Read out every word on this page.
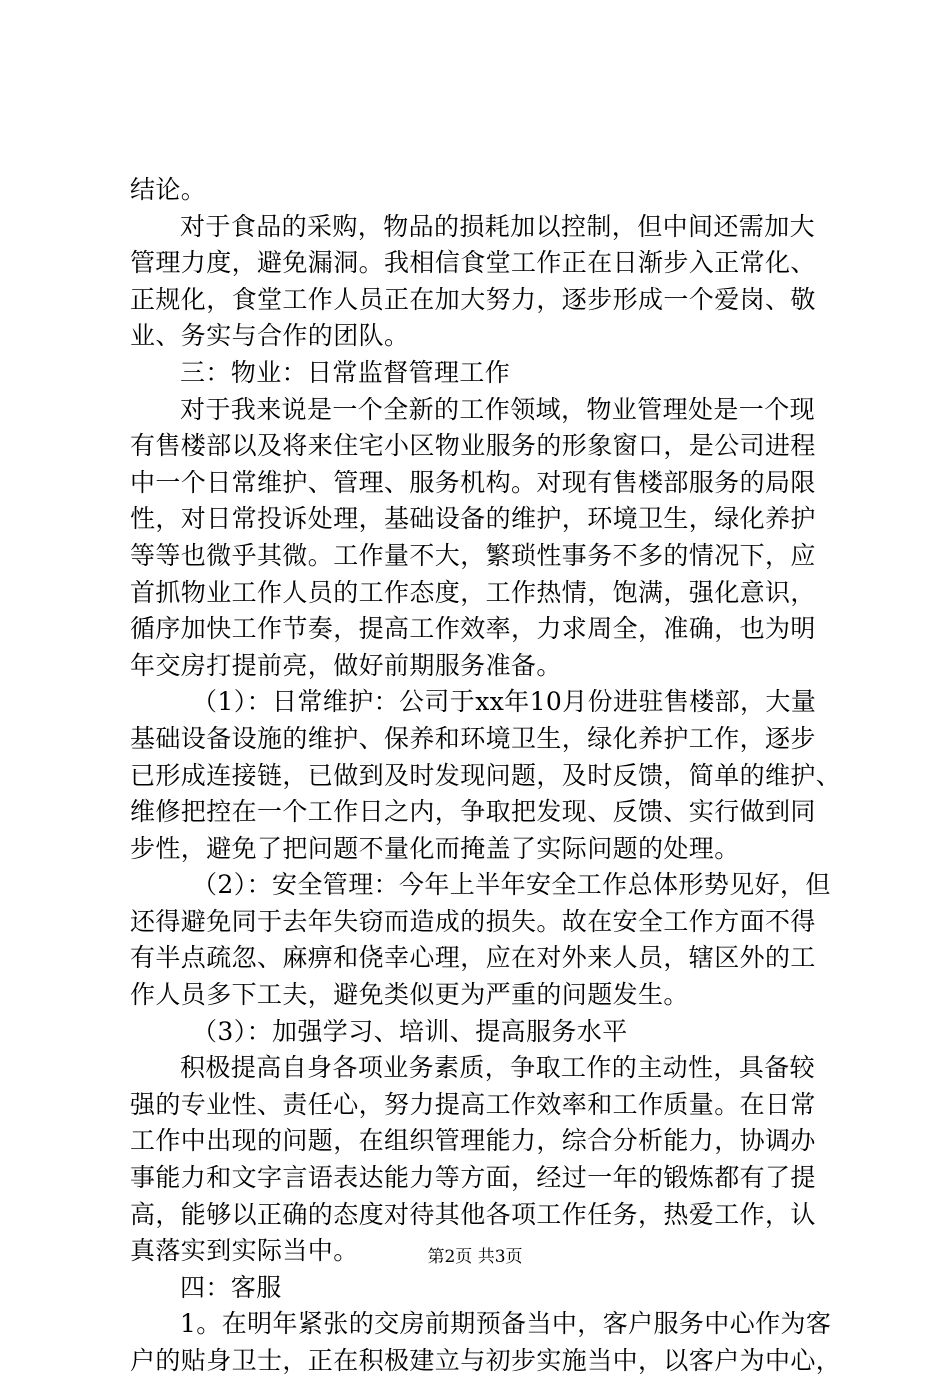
结论。
对于食品的采购，物品的损耗加以控制，但中间还需加大
管理力度，避免漏洞。我相信食堂工作正在日渐步入正常化、
正规化，食堂工作人员正在加大努力，逐步形成一个爱岗、敬
业、务实与合作的团队。
三：物业：日常监督管理工作
对于我来说是一个全新的工作领域，物业管理处是一个现
有售楼部以及将来住宅小区物业服务的形象窗口，是公司进程
中一个日常维护、管理、服务机构。对现有售楼部服务的局限
性，对日常投诉处理，基础设备的维护，环境卫生，绿化养护
等等也微乎其微。工作量不大，繁琐性事务不多的情况下，应
首抓物业工作人员的工作态度，工作热情，饱满，强化意识，
循序加快工作节奏，提高工作效率，力求周全，准确，也为明
年交房打提前亮，做好前期服务准备。
（1）：日常维护：公司于xx年10月份进驻售楼部，大量
基础设备设施的维护、保养和环境卫生，绿化养护工作，逐步
已形成连接链，已做到及时发现问题，及时反馈，简单的维护、
维修把控在一个工作日之内，争取把发现、反馈、实行做到同
步性，避免了把问题不量化而掩盖了实际问题的处理。
（2）：安全管理：今年上半年安全工作总体形势见好，但
还得避免同于去年失窃而造成的损失。故在安全工作方面不得
有半点疏忽、麻痹和侥幸心理，应在对外来人员，辖区外的工
作人员多下工夫，避免类似更为严重的问题发生。
（3）：加强学习、培训、提高服务水平
积极提高自身各项业务素质，争取工作的主动性，具备较
强的专业性、责任心，努力提高工作效率和工作质量。在日常
工作中出现的问题，在组织管理能力，综合分析能力，协调办
事能力和文字言语表达能力等方面，经过一年的锻炼都有了提
高，能够以正确的态度对待其他各项工作任务，热爱工作，认
真落实到实际当中。
四：客服
1。在明年紧张的交房前期预备当中，客户服务中心作为客
户的贴身卫士，正在积极建立与初步实施当中，以客户为中心，
第2页 共3页
